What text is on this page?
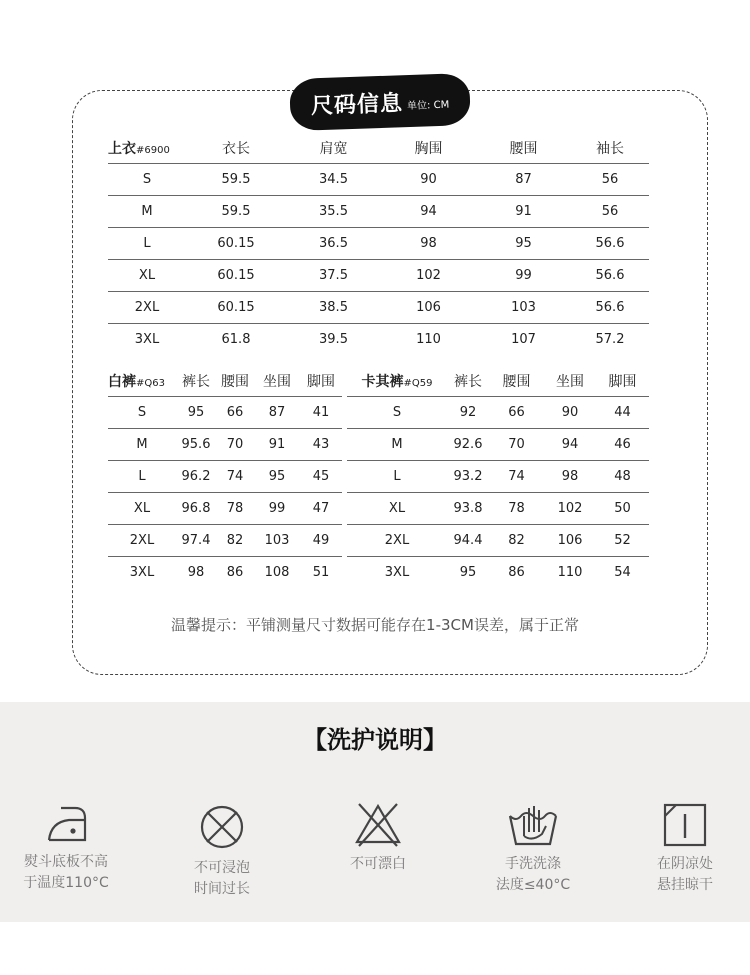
尺码信息 单位: CM
上衣#6900	衣长	肩宽	胸围	腰围	袖长
S	59.5	34.5	90	87	56
M	59.5	35.5	94	91	56
L	60.15	36.5	98	95	56.6
XL	60.15	37.5	102	99	56.6
2XL	60.15	38.5	106	103	56.6
3XL	61.8	39.5	110	107	57.2
白裤#Q63	裤长	腰围	坐围	脚围
S	95	66	87	41
M	95.6	70	91	43
L	96.2	74	95	45
XL	96.8	78	99	47
2XL	97.4	82	103	49
3XL	98	86	108	51
卡其裤#Q59	裤长	腰围	坐围	脚围
S	92	66	90	44
M	92.6	70	94	46
L	93.2	74	98	48
XL	93.8	78	102	50
2XL	94.4	82	106	52
3XL	95	86	110	54
温馨提示：平铺测量尺寸数据可能存在1-3CM误差，属于正常
【洗护说明】
熨斗底板不高
于温度110°C
不可浸泡
时间过长
不可漂白	手洗洗涤
法度≤40°C
在阴凉处
悬挂晾干
